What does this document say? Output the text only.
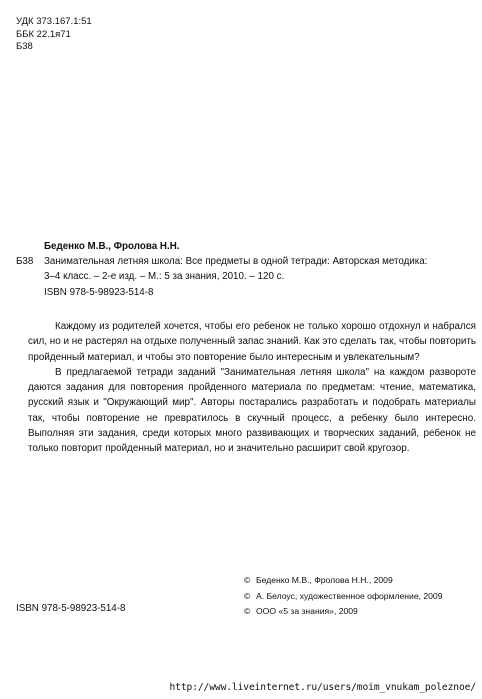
УДК 373.167.1:51
ББК 22.1я71
Б38
Беденко М.В., Фролова Н.Н.
Б38	Занимательная летняя школа: Все предметы в одной тетради: Авторская методика:
3–4 класс. – 2-е изд. – М.: 5 за знания, 2010. – 120 с.
ISBN 978-5-98923-514-8

Каждому из родителей хочется, чтобы его ребенок не только хорошо отдохнул и набрался сил, но и не растерял на отдыхе полученный запас знаний. Как это сделать так, чтобы повторить пройденный материал, и чтобы это повторение было интересным и увлекательным?

В предлагаемой тетради заданий "Занимательная летняя школа" на каждом развороте даются задания для повторения пройденного материала по предметам: чтение, математика, русский язык и "Окружающий мир". Авторы постарались разработать и подобрать материалы так, чтобы повторение не превратилось в скучный процесс, а ребенку было интересно. Выполняя эти задания, среди которых много развивающих и творческих заданий, ребенок не только повторит пройденный материал, но и значительно расширит свой кругозор.

© Беденко М.В., Фролова Н.Н., 2009
© А. Белоус, художественное оформление, 2009
© ООО «5 за знания», 2009
ISBN 978-5-98923-514-8
http://www.liveinternet.ru/users/moim_vnukam_poleznoe/
